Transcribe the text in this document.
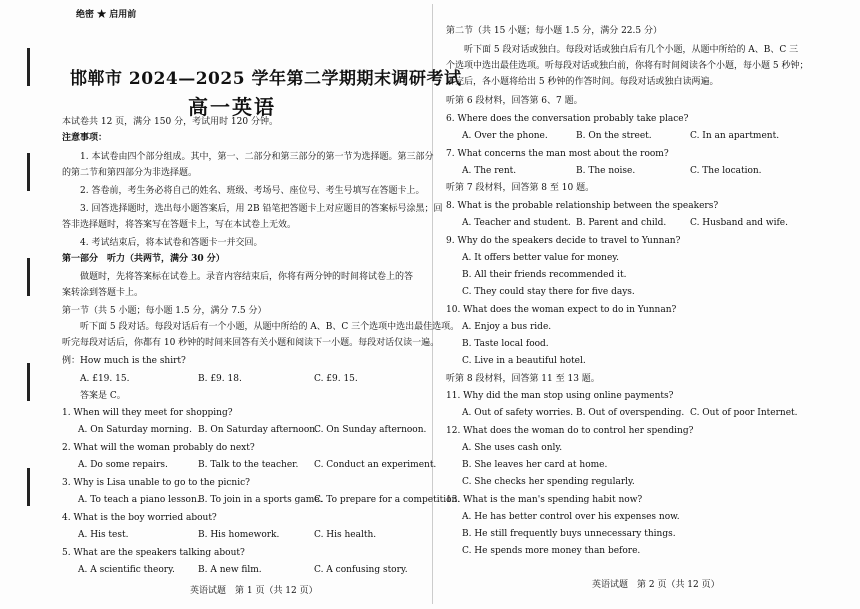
绝密 ★ 启用前
邯郸市 2024—2025 学年第二学期期末调研考试
高一英语
本试卷共 12 页，满分 150 分，考试用时 120 分钟。
注意事项：
1. 本试卷由四个部分组成。其中，第一、二部分和第三部分的第一节为选择题。第三部分
的第二节和第四部分为非选择题。
2. 答卷前，考生务必将自己的姓名、班级、考场号、座位号、考生号填写在答题卡上。
3. 回答选择题时，选出每小题答案后，用 2B 铅笔把答题卡上对应题目的答案标号涂黑；回
答非选择题时，将答案写在答题卡上，写在本试卷上无效。
4. 考试结束后，将本试卷和答题卡一并交回。
第一部分　听力（共两节，满分 30 分）
做题时，先将答案标在试卷上。录音内容结束后，你将有两分钟的时间将试卷上的答
案转涂到答题卡上。
第一节（共 5 小题；每小题 1.5 分，满分 7.5 分）
听下面 5 段对话。每段对话后有一个小题，从题中所给的 A、B、C 三个选项中选出最佳选项。
听完每段对话后，你都有 10 秒钟的时间来回答有关小题和阅读下一小题。每段对话仅读一遍。
例：How much is the shirt?
A. £19. 15.	B. £9. 18.	C. £9. 15.
答案是 C。
1. When will they meet for shopping?
A. On Saturday morning. B. On Saturday afternoon.
C. On Sunday afternoon.
2. What will the woman probably do next?
A. Do some repairs.	B. Talk to the teacher. C. Conduct an experiment.
3. Why is Lisa unable to go to the picnic?
A. To teach a piano lesson.
B. To join in a sports game.
C. To prepare for a competition.
4. What is the boy worried about?
A. His test.	B. His homework.	C. His health.
5. What are the speakers talking about?
A. A scientific theory.	B. A new film.	C. A confusing story.
英语试题　第 1 页（共 12 页）
第二节（共 15 小题；每小题 1.5 分，满分 22.5 分）
听下面 5 段对话或独白。每段对话或独白后有几个小题，从题中所给的 A、B、C 三
个选项中选出最佳选项。听每段对话或独白前，你将有时间阅读各个小题，每小题 5 秒钟；
听完后，各小题将给出 5 秒钟的作答时间。每段对话或独白读两遍。
听第 6 段材料，回答第 6、7 题。
6. Where does the conversation probably take place?
A. Over the phone.	B. On the street.	C. In an apartment.
7. What concerns the man most about the room?
A. The rent.	B. The noise.	C. The location.
听第 7 段材料，回答第 8 至 10 题。
8. What is the probable relationship between the speakers?
A. Teacher and student. B. Parent and child.	C. Husband and wife.
9. Why do the speakers decide to travel to Yunnan?
A. It offers better value for money.
B. All their friends recommended it.
C. They could stay there for five days.
10. What does the woman expect to do in Yunnan?
A. Enjoy a bus ride.
B. Taste local food.
C. Live in a beautiful hotel.
听第 8 段材料，回答第 11 至 13 题。
11. Why did the man stop using online payments?
A. Out of safety worries. B. Out of overspending. C. Out of poor Internet.
12. What does the woman do to control her spending?
A. She uses cash only.
B. She leaves her card at home.
C. She checks her spending regularly.
13. What is the man's spending habit now?
A. He has better control over his expenses now.
B. He still frequently buys unnecessary things.
C. He spends more money than before.
英语试题　第 2 页（共 12 页）
